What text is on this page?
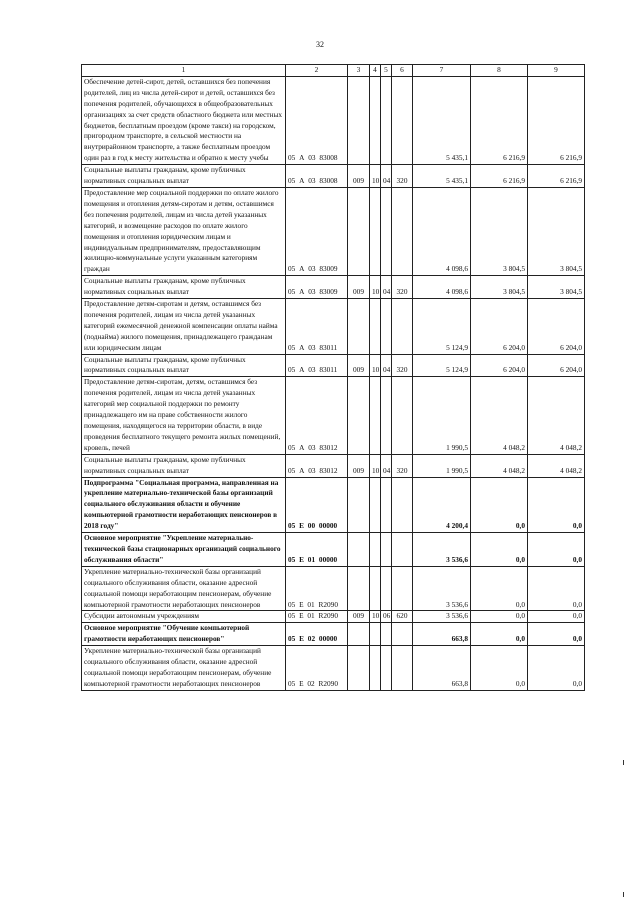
32
1	2	3	4	5	6	7	8	9
Обеспечение детей-сирот, детей, оставшихся без попечения родителей, лиц из числа детей-сирот и детей, оставшихся без попечения родителей, обучающихся в общеобразовательных организациях за счет средств областного бюджета или местных бюджетов, бесплатным проездом (кроме такси) на городском, пригородном транспорте, в сельской местности на внутрирайонном транспорте, а также бесплатным проездом один раз в год к месту жительства и обратно к месту учебы	05 А 03 83008					5 435,1	6 216,9	6 216,9
Социальные выплаты гражданам, кроме публичных нормативных социальных выплат	05 А 03 83008	009	10	04	320	5 435,1	6 216,9	6 216,9
Предоставление мер социальной поддержки по оплате жилого помещения и отопления детям-сиротам и детям, оставшимся без попечения родителей, лицам из числа детей указанных категорий, и возмещение расходов по оплате жилого помещения и отопления юридическим лицам и индивидуальным предпринимателям, предоставляющим жилищно-коммунальные услуги указанным категориям граждан	05 А 03 83009					4 098,6	3 804,5	3 804,5
Социальные выплаты гражданам, кроме публичных нормативных социальных выплат	05 А 03 83009	009	10	04	320	4 098,6	3 804,5	3 804,5
Предоставление детям-сиротам и детям, оставшимся без попечения родителей, лицам из числа детей указанных категорий ежемесячной денежной компенсации оплаты найма (поднайма) жилого помещения, принадлежащего гражданам или юридическим лицам	05 А 03 83011					5 124,9	6 204,0	6 204,0
Социальные выплаты гражданам, кроме публичных нормативных социальных выплат	05 А 03 83011	009	10	04	320	5 124,9	6 204,0	6 204,0
Предоставление детям-сиротам, детям, оставшимся без попечения родителей, лицам из числа детей указанных категорий мер социальной поддержки по ремонту принадлежащего им на праве собственности жилого помещения, находящегося на территории области, в виде проведения бесплатного текущего ремонта жилых помещений, кровель, печей	05 А 03 83012					1 990,5	4 048,2	4 048,2
Социальные выплаты гражданам, кроме публичных нормативных социальных выплат	05 А 03 83012	009	10	04	320	1 990,5	4 048,2	4 048,2
Подпрограмма "Социальная программа, направленная на укрепление материально-технической базы организаций социального обслуживания области и обучение компьютерной грамотности неработающих пенсионеров в 2018 году"	05 Е 00 00000					4 200,4	0,0	0,0
Основное мероприятие "Укрепление материально-технической базы стационарных организаций социального обслуживания области"	05 Е 01 00000					3 536,6	0,0	0,0
Укрепление материально-технической базы организаций социального обслуживания области, оказание адресной социальной помощи неработающим пенсионерам, обучение компьютерной грамотности неработающих пенсионеров	05 Е 01 R2090					3 536,6	0,0	0,0
Субсидии автономным учреждениям	05 Е 01 R2090	009	10	06	620	3 536,6	0,0	0,0
Основное мероприятие "Обучение компьютерной грамотности неработающих пенсионеров"	05 Е 02 00000					663,8	0,0	0,0
Укрепление материально-технической базы организаций социального обслуживания области, оказание адресной социальной помощи неработающим пенсионерам, обучение компьютерной грамотности неработающих пенсионеров	05 Е 02 R2090					663,8	0,0	0,0
